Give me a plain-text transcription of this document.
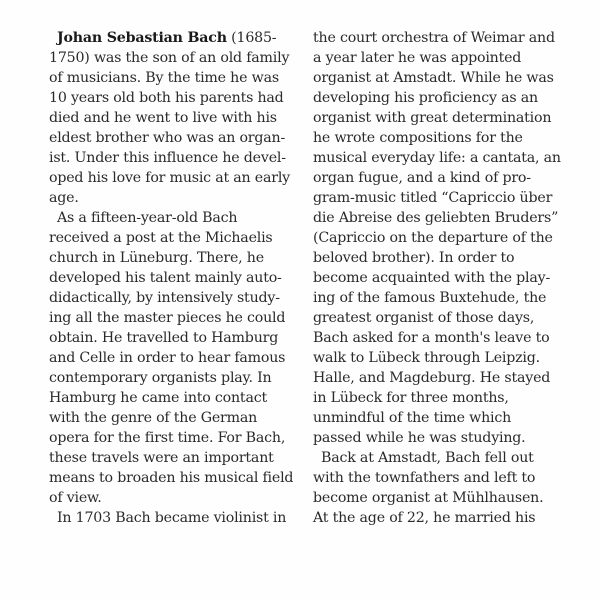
Johan Sebastian Bach (1685-
1750) was the son of an old family
of musicians. By the time he was
10 years old both his parents had
died and he went to live with his
eldest brother who was an organ-
ist. Under this influence he devel-
oped his love for music at an early
age.
As a fifteen-year-old Bach
received a post at the Michaelis
church in Lüneburg. There, he
developed his talent mainly auto-
didactically, by intensively study-
ing all the master pieces he could
obtain. He travelled to Hamburg
and Celle in order to hear famous
contemporary organists play. In
Hamburg he came into contact
with the genre of the German
opera for the first time. For Bach,
these travels were an important
means to broaden his musical field
of view.
In 1703 Bach became violinist in
the court orchestra of Weimar and
a year later he was appointed
organist at Amstadt. While he was
developing his proficiency as an
organist with great determination
he wrote compositions for the
musical everyday life: a cantata, an
organ fugue, and a kind of pro-
gram-music titled “Capriccio über
die Abreise des geliebten Bruders”
(Capriccio on the departure of the
beloved brother). In order to
become acquainted with the play-
ing of the famous Buxtehude, the
greatest organist of those days,
Bach asked for a month's leave to
walk to Lübeck through Leipzig.
Halle, and Magdeburg. He stayed
in Lübeck for three months,
unmindful of the time which
passed while he was studying.
Back at Amstadt, Bach fell out
with the townfathers and left to
become organist at Mühlhausen.
At the age of 22, he married his
